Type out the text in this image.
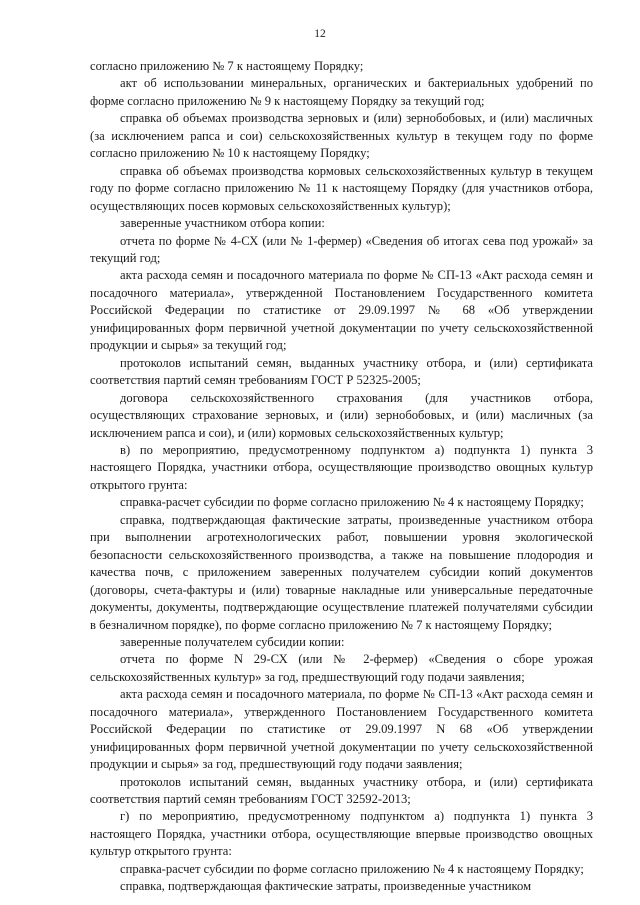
12

согласно приложению № 7 к настоящему Порядку;

акт об использовании минеральных, органических и бактериальных удобрений по форме согласно приложению № 9 к настоящему Порядку за текущий год;

справка об объемах производства зерновых и (или) зернобобовых, и (или) масличных (за исключением рапса и сои) сельскохозяйственных культур в текущем году по форме согласно приложению № 10 к настоящему Порядку;

справка об объемах производства кормовых сельскохозяйственных культур в текущем году по форме согласно приложению № 11 к настоящему Порядку (для участников отбора, осуществляющих посев кормовых сельскохозяйственных культур);

заверенные участником отбора копии:

отчета по форме № 4-СХ (или № 1-фермер) «Сведения об итогах сева под урожай» за текущий год;

акта расхода семян и посадочного материала по форме № СП-13 «Акт расхода семян и посадочного материала», утвержденной Постановлением Государственного комитета Российской Федерации по статистике от 29.09.1997 № 68 «Об утверждении унифицированных форм первичной учетной документации по учету сельскохозяйственной продукции и сырья» за текущий год;

протоколов испытаний семян, выданных участнику отбора, и (или) сертификата соответствия партий семян требованиям ГОСТ Р 52325-2005;

договора сельскохозяйственного страхования (для участников отбора, осуществляющих страхование зерновых, и (или) зернобобовых, и (или) масличных (за исключением рапса и сои), и (или) кормовых сельскохозяйственных культур;

в) по мероприятию, предусмотренному подпунктом а) подпункта 1) пункта 3 настоящего Порядка, участники отбора, осуществляющие производство овощных культур открытого грунта:

справка-расчет субсидии по форме согласно приложению № 4 к настоящему Порядку;

справка, подтверждающая фактические затраты, произведенные участником отбора при выполнении агротехнологических работ, повышении уровня экологической безопасности сельскохозяйственного производства, а также на повышение плодородия и качества почв, с приложением заверенных получателем субсидии копий документов (договоры, счета-фактуры и (или) товарные накладные или универсальные передаточные документы, документы, подтверждающие осуществление платежей получателями субсидии в безналичном порядке), по форме согласно приложению № 7 к настоящему Порядку;

заверенные получателем субсидии копии:

отчета по форме N 29-СХ (или № 2-фермер) «Сведения о сборе урожая сельскохозяйственных культур» за год, предшествующий году подачи заявления;

акта расхода семян и посадочного материала, по форме № СП-13 «Акт расхода семян и посадочного материала», утвержденного Постановлением Государственного комитета Российской Федерации по статистике от 29.09.1997 N 68 «Об утверждении унифицированных форм первичной учетной документации по учету сельскохозяйственной продукции и сырья» за год, предшествующий году подачи заявления;

протоколов испытаний семян, выданных участнику отбора, и (или) сертификата соответствия партий семян требованиям ГОСТ 32592-2013;

г) по мероприятию, предусмотренному подпунктом а) подпункта 1) пункта 3 настоящего Порядка, участники отбора, осуществляющие впервые производство овощных культур открытого грунта:

справка-расчет субсидии по форме согласно приложению № 4 к настоящему Порядку;

справка, подтверждающая фактические затраты, произведенные участником
